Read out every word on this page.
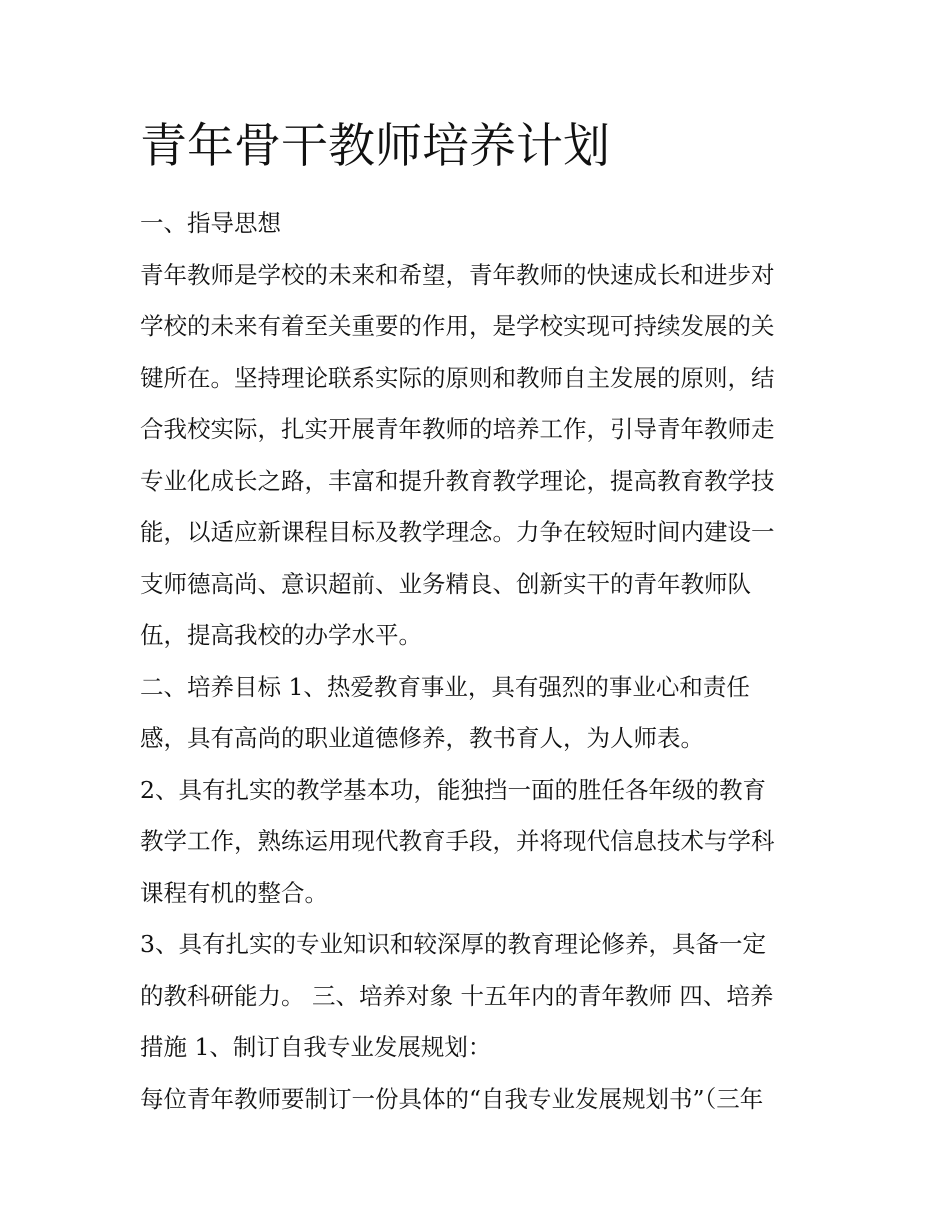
青年骨干教师培养计划
一、指导思想
青年教师是学校的未来和希望，青年教师的快速成长和进步对
学校的未来有着至关重要的作用，是学校实现可持续发展的关
键所在。坚持理论联系实际的原则和教师自主发展的原则，结
合我校实际，扎实开展青年教师的培养工作，引导青年教师走
专业化成长之路，丰富和提升教育教学理论，提高教育教学技
能，以适应新课程目标及教学理念。力争在较短时间内建设一
支师德高尚、意识超前、业务精良、创新实干的青年教师队
伍，提高我校的办学水平。
二、培养目标 1、热爱教育事业，具有强烈的事业心和责任
感，具有高尚的职业道德修养，教书育人，为人师表。
2、具有扎实的教学基本功，能独挡一面的胜任各年级的教育
教学工作，熟练运用现代教育手段，并将现代信息技术与学科
课程有机的整合。
3、具有扎实的专业知识和较深厚的教育理论修养，具备一定
的教科研能力。 三、培养对象 十五年内的青年教师 四、培养
措施 1、制订自我专业发展规划：
每位青年教师要制订一份具体的“自我专业发展规划书”（三年
